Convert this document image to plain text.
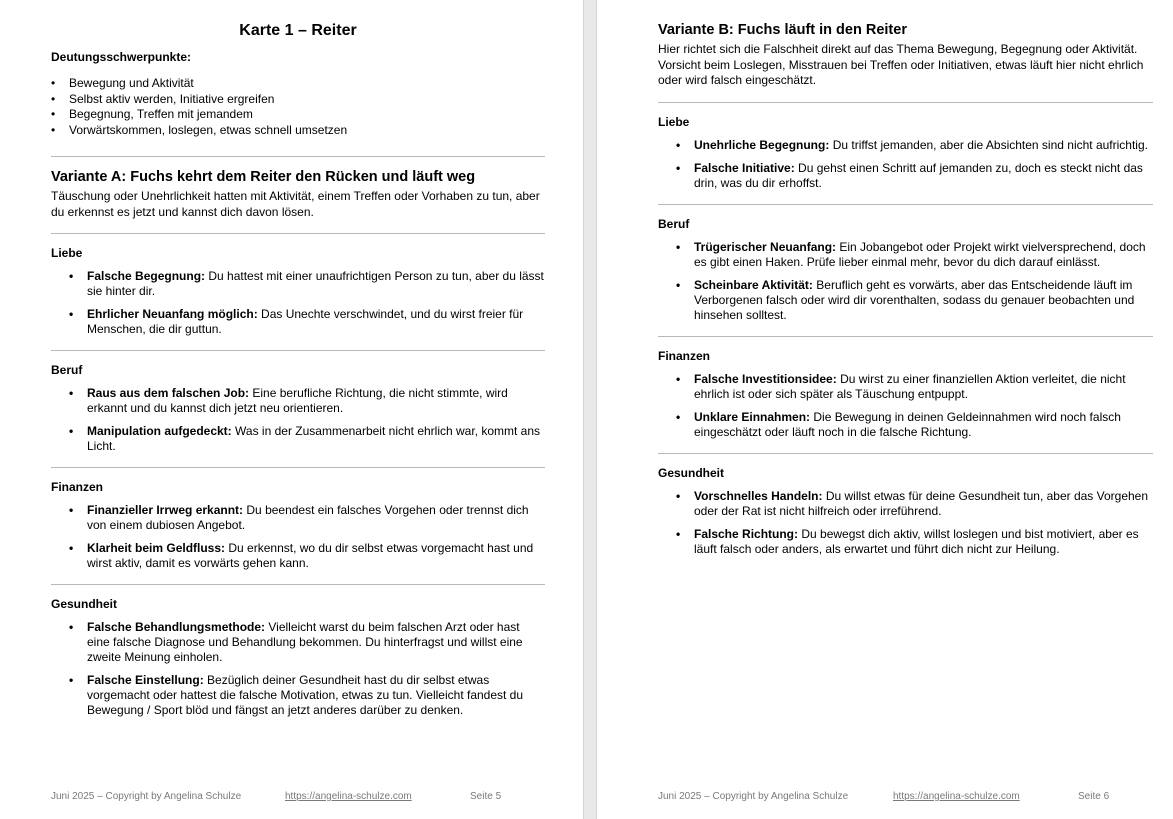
Karte 1 – Reiter
Deutungsschwerpunkte:
• Bewegung und Aktivität
• Selbst aktiv werden, Initiative ergreifen
• Begegnung, Treffen mit jemandem
• Vorwärtskommen, loslegen, etwas schnell umsetzen
Variante A: Fuchs kehrt dem Reiter den Rücken und läuft weg

Täuschung oder Unehrlichkeit hatten mit Aktivität, einem Treffen oder Vorhaben zu tun, aber du erkennst es jetzt und kannst dich davon lösen.

Liebe
• Falsche Begegnung: Du hattest mit einer unaufrichtigen Person zu tun, aber du lässt sie hinter dir.
• Ehrlicher Neuanfang möglich: Das Unechte verschwindet, und du wirst freier für Menschen, die dir guttun.
Beruf
• Raus aus dem falschen Job: Eine berufliche Richtung, die nicht stimmte, wird erkannt und du kannst dich jetzt neu orientieren.
• Manipulation aufgedeckt: Was in der Zusammenarbeit nicht ehrlich war, kommt ans Licht.
Finanzen
• Finanzieller Irrweg erkannt: Du beendest ein falsches Vorgehen oder trennst dich von einem dubiosen Angebot.
• Klarheit beim Geldfluss: Du erkennst, wo du dir selbst etwas vorgemacht hast und wirst aktiv, damit es vorwärts gehen kann.
Gesundheit
• Falsche Behandlungsmethode: Vielleicht warst du beim falschen Arzt oder hast eine falsche Diagnose und Behandlung bekommen. Du hinterfragst und willst eine zweite Meinung einholen.
• Falsche Einstellung: Bezüglich deiner Gesundheit hast du dir selbst etwas vorgemacht oder hattest die falsche Motivation, etwas zu tun. Vielleicht fandest du Bewegung / Sport blöd und fängst an jetzt anderes darüber zu denken.
Juni 2025 – Copyright by Angelina Schulze	https://angelina-schulze.com	Seite 5
Variante B: Fuchs läuft in den Reiter

Hier richtet sich die Falschheit direkt auf das Thema Bewegung, Begegnung oder Aktivität. Vorsicht beim Loslegen, Misstrauen bei Treffen oder Initiativen, etwas läuft hier nicht ehrlich oder wird falsch eingeschätzt.

Liebe
• Unehrliche Begegnung: Du triffst jemanden, aber die Absichten sind nicht aufrichtig.
• Falsche Initiative: Du gehst einen Schritt auf jemanden zu, doch es steckt nicht das drin, was du dir erhoffst.
Beruf
• Trügerischer Neuanfang: Ein Jobangebot oder Projekt wirkt vielversprechend, doch es gibt einen Haken. Prüfe lieber einmal mehr, bevor du dich darauf einlässt.
• Scheinbare Aktivität: Beruflich geht es vorwärts, aber das Entscheidende läuft im Verborgenen falsch oder wird dir vorenthalten, sodass du genauer beobachten und hinsehen solltest.
Finanzen
• Falsche Investitionsidee: Du wirst zu einer finanziellen Aktion verleitet, die nicht ehrlich ist oder sich später als Täuschung entpuppt.
• Unklare Einnahmen: Die Bewegung in deinen Geldeinnahmen wird noch falsch eingeschätzt oder läuft noch in die falsche Richtung.
Gesundheit
• Vorschnelles Handeln: Du willst etwas für deine Gesundheit tun, aber das Vorgehen oder der Rat ist nicht hilfreich oder irreführend.
• Falsche Richtung: Du bewegst dich aktiv, willst loslegen und bist motiviert, aber es läuft falsch oder anders, als erwartet und führt dich nicht zur Heilung.
Juni 2025 – Copyright by Angelina Schulze	https://angelina-schulze.com	Seite 6
